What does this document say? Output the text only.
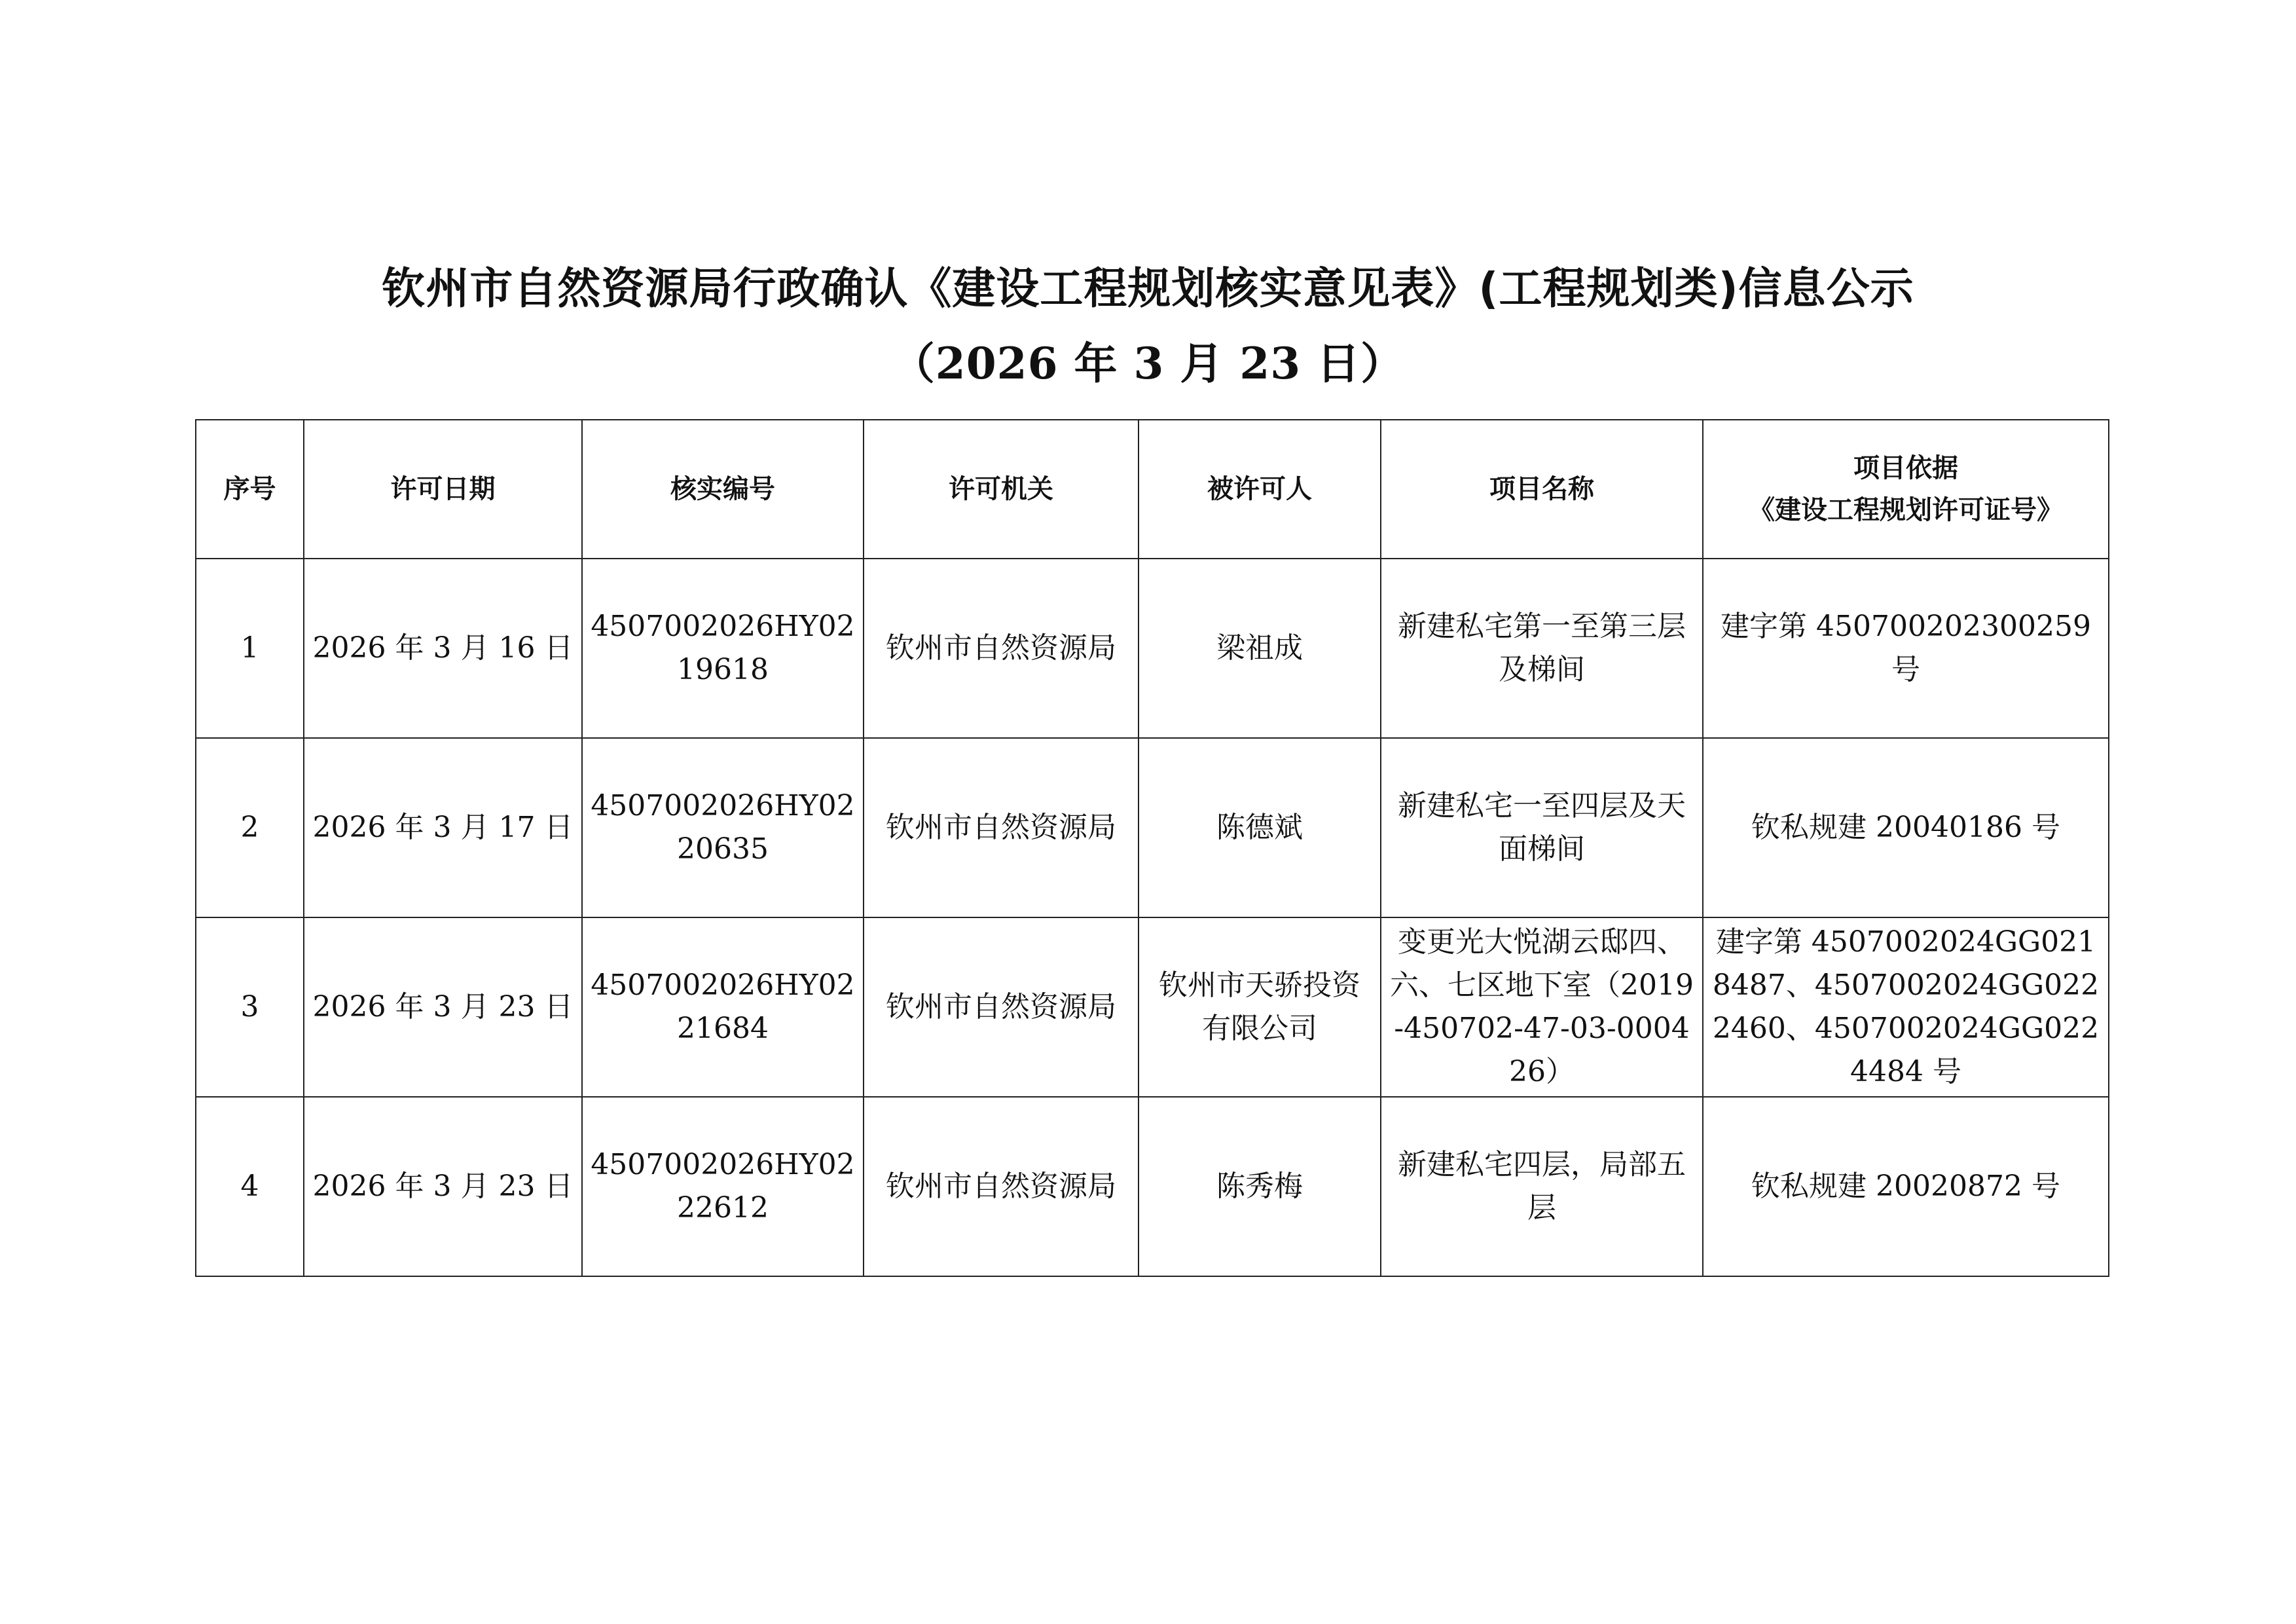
钦州市自然资源局行政确认《建设工程规划核实意见表》(工程规划类)信息公示
（2026 年 3 月 23 日）
序号	许可日期	核实编号	许可机关	被许可人	项目名称	项目依据
《建设工程规划许可证号》

1	2026 年 3 月 16 日	4507002026HY0219618	钦州市自然资源局	梁祖成	新建私宅第一至第三层及梯间	建字第 450700202300259 号
2	2026 年 3 月 17 日	4507002026HY0220635	钦州市自然资源局	陈德斌	新建私宅一至四层及天面梯间	钦私规建 20040186 号
3	2026 年 3 月 23 日	4507002026HY0221684	钦州市自然资源局	钦州市天骄投资有限公司	变更光大悦湖云邸四、六、七区地下室（2019-450702-47-03-000426）	建字第 4507002024GG0218487、4507002024GG0222460、4507002024GG0224484 号
4	2026 年 3 月 23 日	4507002026HY0222612	钦州市自然资源局	陈秀梅	新建私宅四层，局部五层	钦私规建 20020872 号
